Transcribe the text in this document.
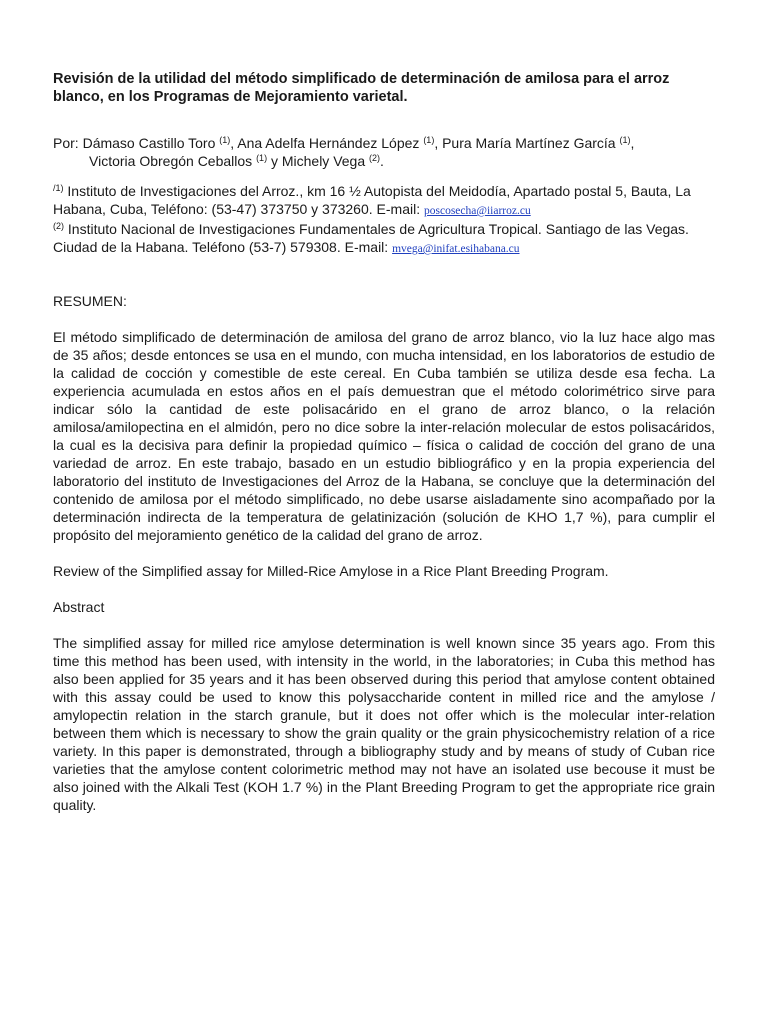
Revisión de la utilidad del método simplificado de determinación de amilosa para el arroz blanco, en los Programas de Mejoramiento varietal.

Por: Dámaso Castillo Toro $^{(1)}$, Ana Adelfa Hernández López $^{(1)}$, Pura María Martínez García $^{(1)}$,
Victoria Obregón Ceballos $^{(1)}$ y Michely Vega $^{(2)}$.
$^{/1)}$ Instituto de Investigaciones del Arroz., km 16 ½ Autopista del Meidodía, Apartado postal 5, Bauta, La Habana, Cuba, Teléfono: (53-47) 373750 y 373260. E-mail: poscosecha@iiarroz.cu
$^{(2)}$ Instituto Nacional de Investigaciones Fundamentales de Agricultura Tropical. Santiago de las Vegas. Ciudad de la Habana. Teléfono (53-7) 579308. E-mail: mvega@inifat.esihabana.cu
RESUMEN:
El método simplificado de determinación de amilosa del grano de arroz blanco, vio la luz hace algo mas de 35 años; desde entonces se usa en el mundo, con mucha intensidad, en los laboratorios de estudio de la calidad de cocción y comestible de este cereal. En Cuba también se utiliza desde esa fecha. La experiencia acumulada en estos años en el país demuestran que el método colorimétrico sirve para indicar sólo la cantidad de este polisacárido en el grano de arroz blanco, o la relación amilosa/amilopectina en el almidón, pero no dice sobre la inter-relación molecular de estos polisacáridos, la cual es la decisiva para definir la propiedad químico – física o calidad de cocción del grano de una variedad de arroz. En este trabajo, basado en un estudio bibliográfico y en la propia experiencia del laboratorio del instituto de Investigaciones del Arroz de la Habana, se concluye que la determinación del contenido de amilosa por el método simplificado, no debe usarse aisladamente sino acompañado por la determinación indirecta de la temperatura de gelatinización (solución de KHO 1,7 %), para cumplir el propósito del mejoramiento genético de la calidad del grano de arroz.
Review of the Simplified assay for Milled-Rice Amylose in a Rice Plant Breeding Program.
Abstract
The simplified assay for milled rice amylose determination is well known since 35 years ago. From this time this method has been used, with intensity in the world, in the laboratories; in Cuba this method has also been applied for 35 years and it has been observed during this period that amylose content obtained with this assay could be used to know this polysaccharide content in milled rice and the amylose / amylopectin relation in the starch granule, but it does not offer which is the molecular inter-relation between them which is necessary to show the grain quality or the grain physicochemistry relation of a rice variety. In this paper is demonstrated, through a bibliography study and by means of study of Cuban rice varieties that the amylose content colorimetric method may not have an isolated use becouse it must be also joined with the Alkali Test (KOH 1.7 %) in the Plant Breeding Program to get the appropriate rice grain quality.
